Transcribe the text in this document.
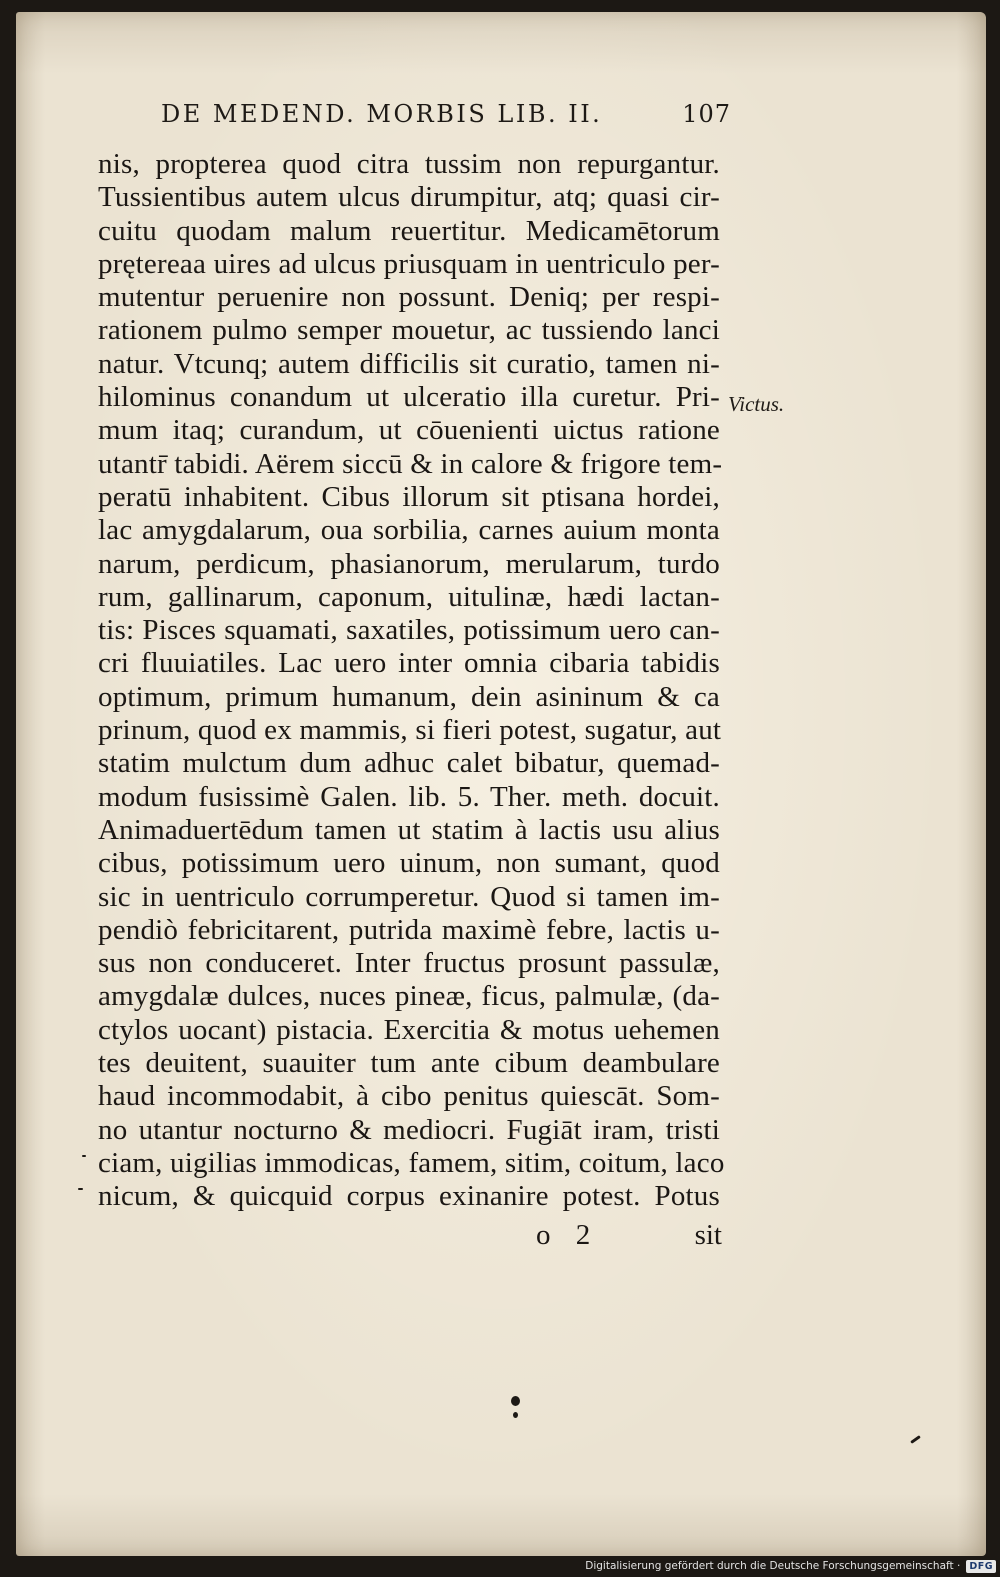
DE MEDEND. MORBIS LIB. II.	107
nis, propterea quod citra tussim non repurgantur.
Tussientibus autem ulcus dirumpitur, atq; quasi cir-
cuitu quodam malum reuertitur. Medicamētorum
prętereaa uires ad ulcus priusquam in uentriculo per-
mutentur peruenire non possunt. Deniq; per respi-
rationem pulmo semper mouetur, ac tussiendo lanci
natur. Vtcunq; autem difficilis sit curatio, tamen ni-
hilominus conandum ut ulceratio illa curetur. Pri-
mum itaq; curandum, ut cōuenienti uictus ratione
utantr̄ tabidi. Aërem siccū & in calore & frigore tem-
peratū inhabitent. Cibus illorum sit ptisana hordei,
lac amygdalarum, oua sorbilia, carnes auium monta
narum, perdicum, phasianorum, merularum, turdo
rum, gallinarum, caponum, uitulinæ, hædi lactan-
tis: Pisces squamati, saxatiles, potissimum uero can-
cri fluuiatiles. Lac uero inter omnia cibaria tabidis
optimum, primum humanum, dein asininum & ca
prinum, quod ex mammis, si fieri potest, sugatur, aut
statim mulctum dum adhuc calet bibatur, quemad-
modum fusissimè Galen. lib. 5. Ther. meth. docuit.
Animaduertēdum tamen ut statim à lactis usu alius
cibus, potissimum uero uinum, non sumant, quod
sic in uentriculo corrumperetur. Quod si tamen im-
pendiò febricitarent, putrida maximè febre, lactis u-
sus non conduceret. Inter fructus prosunt passulæ,
amygdalæ dulces, nuces pineæ, ficus, palmulæ, (da-
ctylos uocant) pistacia. Exercitia & motus uehemen
tes deuitent, suauiter tum ante cibum deambulare
haud incommodabit, à cibo penitus quiescāt. Som-
no utantur nocturno & mediocri. Fugiāt iram, tristi
ciam, uigilias immodicas, famem, sitim, coitum, laco
nicum, & quicquid corpus exinanire potest. Potus
Victus.
o 2	sit
Digitalisierung gefördert durch die Deutsche Forschungsgemeinschaft · DFG
